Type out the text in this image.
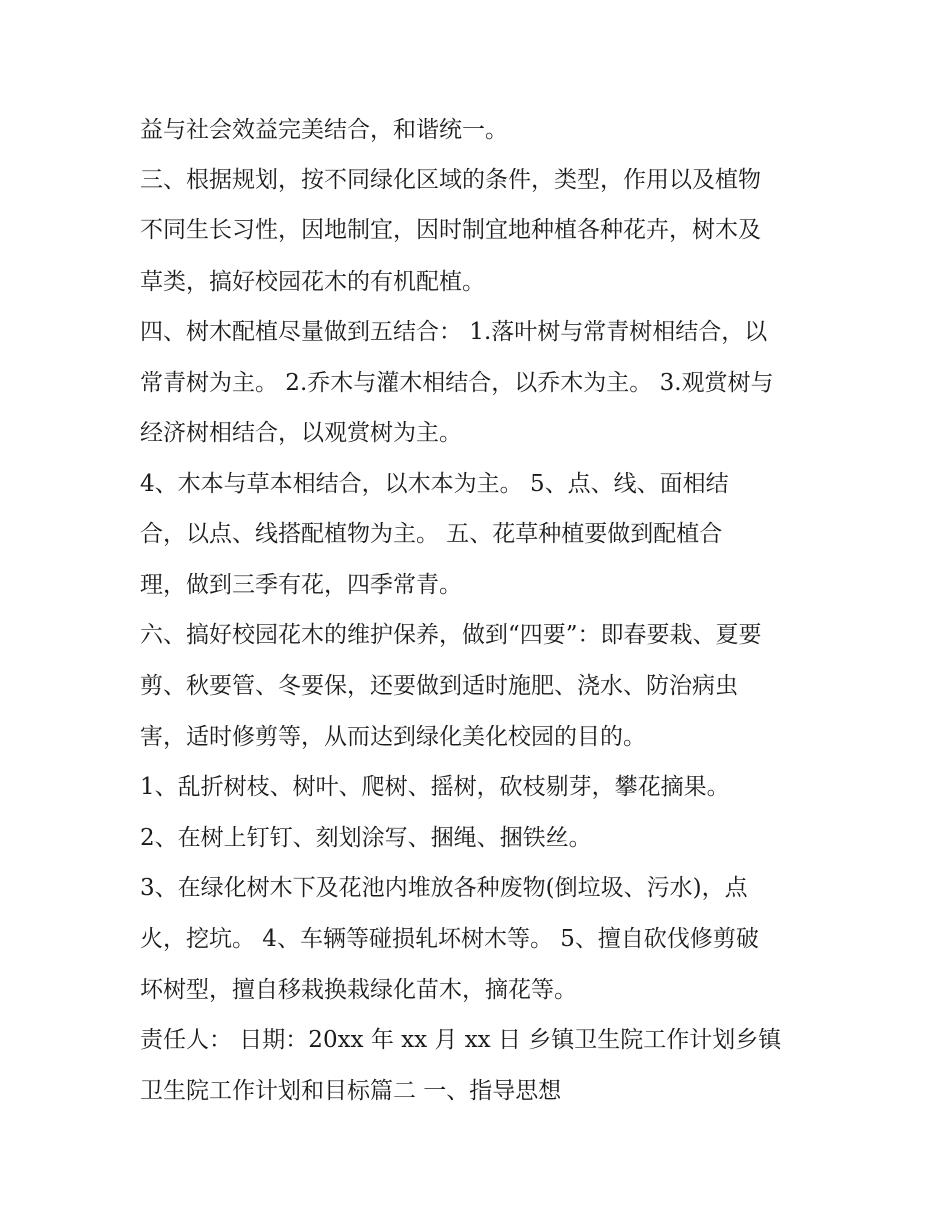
益与社会效益完美结合，和谐统一。
三、根据规划，按不同绿化区域的条件，类型，作用以及植物
不同生长习性，因地制宜，因时制宜地种植各种花卉，树木及
草类，搞好校园花木的有机配植。
四、树木配植尽量做到五结合： 1.落叶树与常青树相结合，以
常青树为主。 2.乔木与灌木相结合，以乔木为主。 3.观赏树与
经济树相结合，以观赏树为主。
4、木本与草本相结合，以木本为主。 5、点、线、面相结
合，以点、线搭配植物为主。 五、花草种植要做到配植合
理，做到三季有花，四季常青。
六、搞好校园花木的维护保养，做到“四要”：即春要栽、夏要
剪、秋要管、冬要保，还要做到适时施肥、浇水、防治病虫
害，适时修剪等，从而达到绿化美化校园的目的。
1、乱折树枝、树叶、爬树、摇树，砍枝剔芽，攀花摘果。
2、在树上钉钉、刻划涂写、捆绳、捆铁丝。
3、在绿化树木下及花池内堆放各种废物(倒垃圾、污水)，点
火，挖坑。 4、车辆等碰损轧坏树木等。 5、擅自砍伐修剪破
坏树型，擅自移栽换栽绿化苗木，摘花等。
责任人： 日期：20xx 年 xx 月 xx 日 乡镇卫生院工作计划乡镇
卫生院工作计划和目标篇二 一、指导思想
